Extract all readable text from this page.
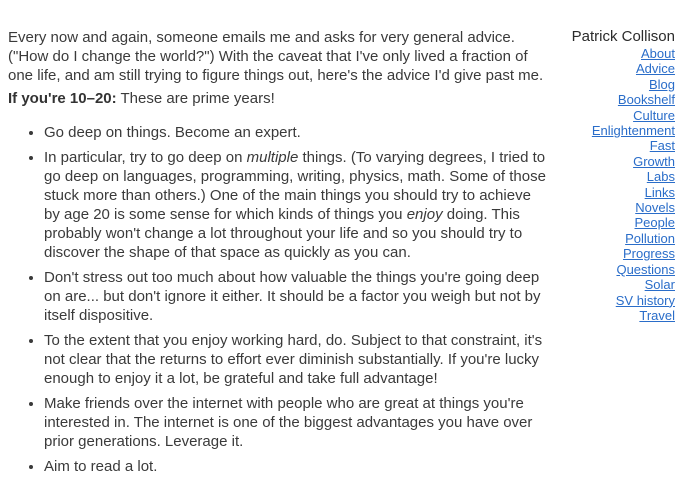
Every now and again, someone emails me and asks for very general advice. ("How do I change the world?") With the caveat that I've only lived a fraction of one life, and am still trying to figure things out, here's the advice I'd give past me.

If you're 10–20: These are prime years!

• Go deep on things. Become an expert.
• In particular, try to go deep on multiple things. (To varying degrees, I tried to go deep on languages, programming, writing, physics, math. Some of those stuck more than others.) One of the main things you should try to achieve by age 20 is some sense for which kinds of things you enjoy doing. This probably won't change a lot throughout your life and so you should try to discover the shape of that space as quickly as you can.
• Don't stress out too much about how valuable the things you're going deep on are... but don't ignore it either. It should be a factor you weigh but not by itself dispositive.
• To the extent that you enjoy working hard, do. Subject to that constraint, it's not clear that the returns to effort ever diminish substantially. If you're lucky enough to enjoy it a lot, be grateful and take full advantage!
• Make friends over the internet with people who are great at things you're interested in. The internet is one of the biggest advantages you have over prior generations. Leverage it.
• Aim to read a lot.
Patrick Collison
About
Advice
Blog
Bookshelf
Culture
Enlightenment
Fast
Growth
Labs
Links
Novels
People
Pollution
Progress
Questions
Solar
SV history
Travel
